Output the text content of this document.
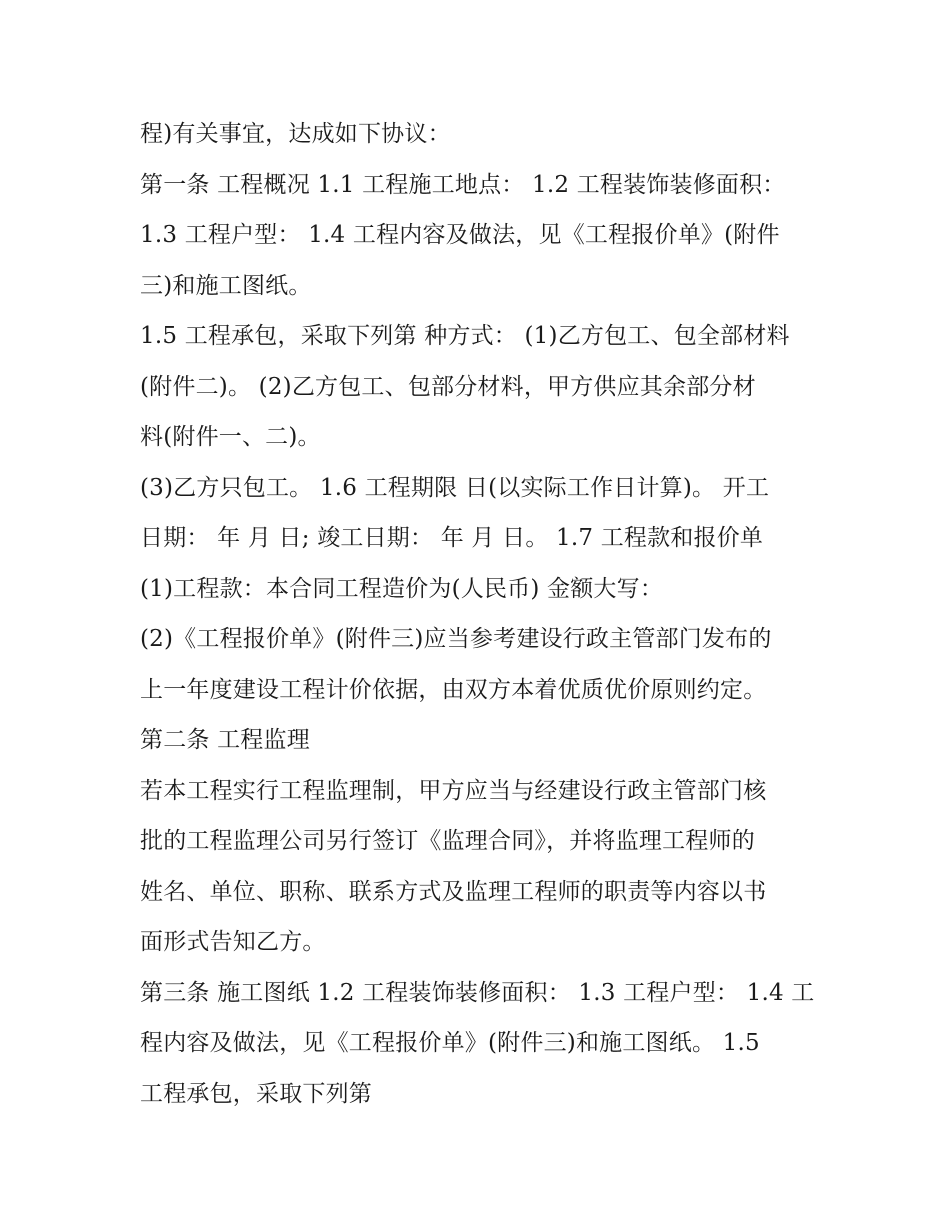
程)有关事宜，达成如下协议：
第一条 工程概况 1.1 工程施工地点： 1.2 工程装饰装修面积：
1.3 工程户型： 1.4 工程内容及做法，见《工程报价单》(附件
三)和施工图纸。
1.5 工程承包，采取下列第 种方式： (1)乙方包工、包全部材料
(附件二)。 (2)乙方包工、包部分材料，甲方供应其余部分材
料(附件一、二)。
(3)乙方只包工。 1.6 工程期限 日(以实际工作日计算)。 开工
日期： 年 月 日; 竣工日期： 年 月 日。 1.7 工程款和报价单
(1)工程款：本合同工程造价为(人民币) 金额大写：
(2)《工程报价单》(附件三)应当参考建设行政主管部门发布的
上一年度建设工程计价依据，由双方本着优质优价原则约定。
第二条 工程监理
若本工程实行工程监理制，甲方应当与经建设行政主管部门核
批的工程监理公司另行签订《监理合同》，并将监理工程师的
姓名、单位、职称、联系方式及监理工程师的职责等内容以书
面形式告知乙方。
第三条 施工图纸 1.2 工程装饰装修面积： 1.3 工程户型： 1.4 工
程内容及做法，见《工程报价单》(附件三)和施工图纸。 1.5
工程承包，采取下列第
